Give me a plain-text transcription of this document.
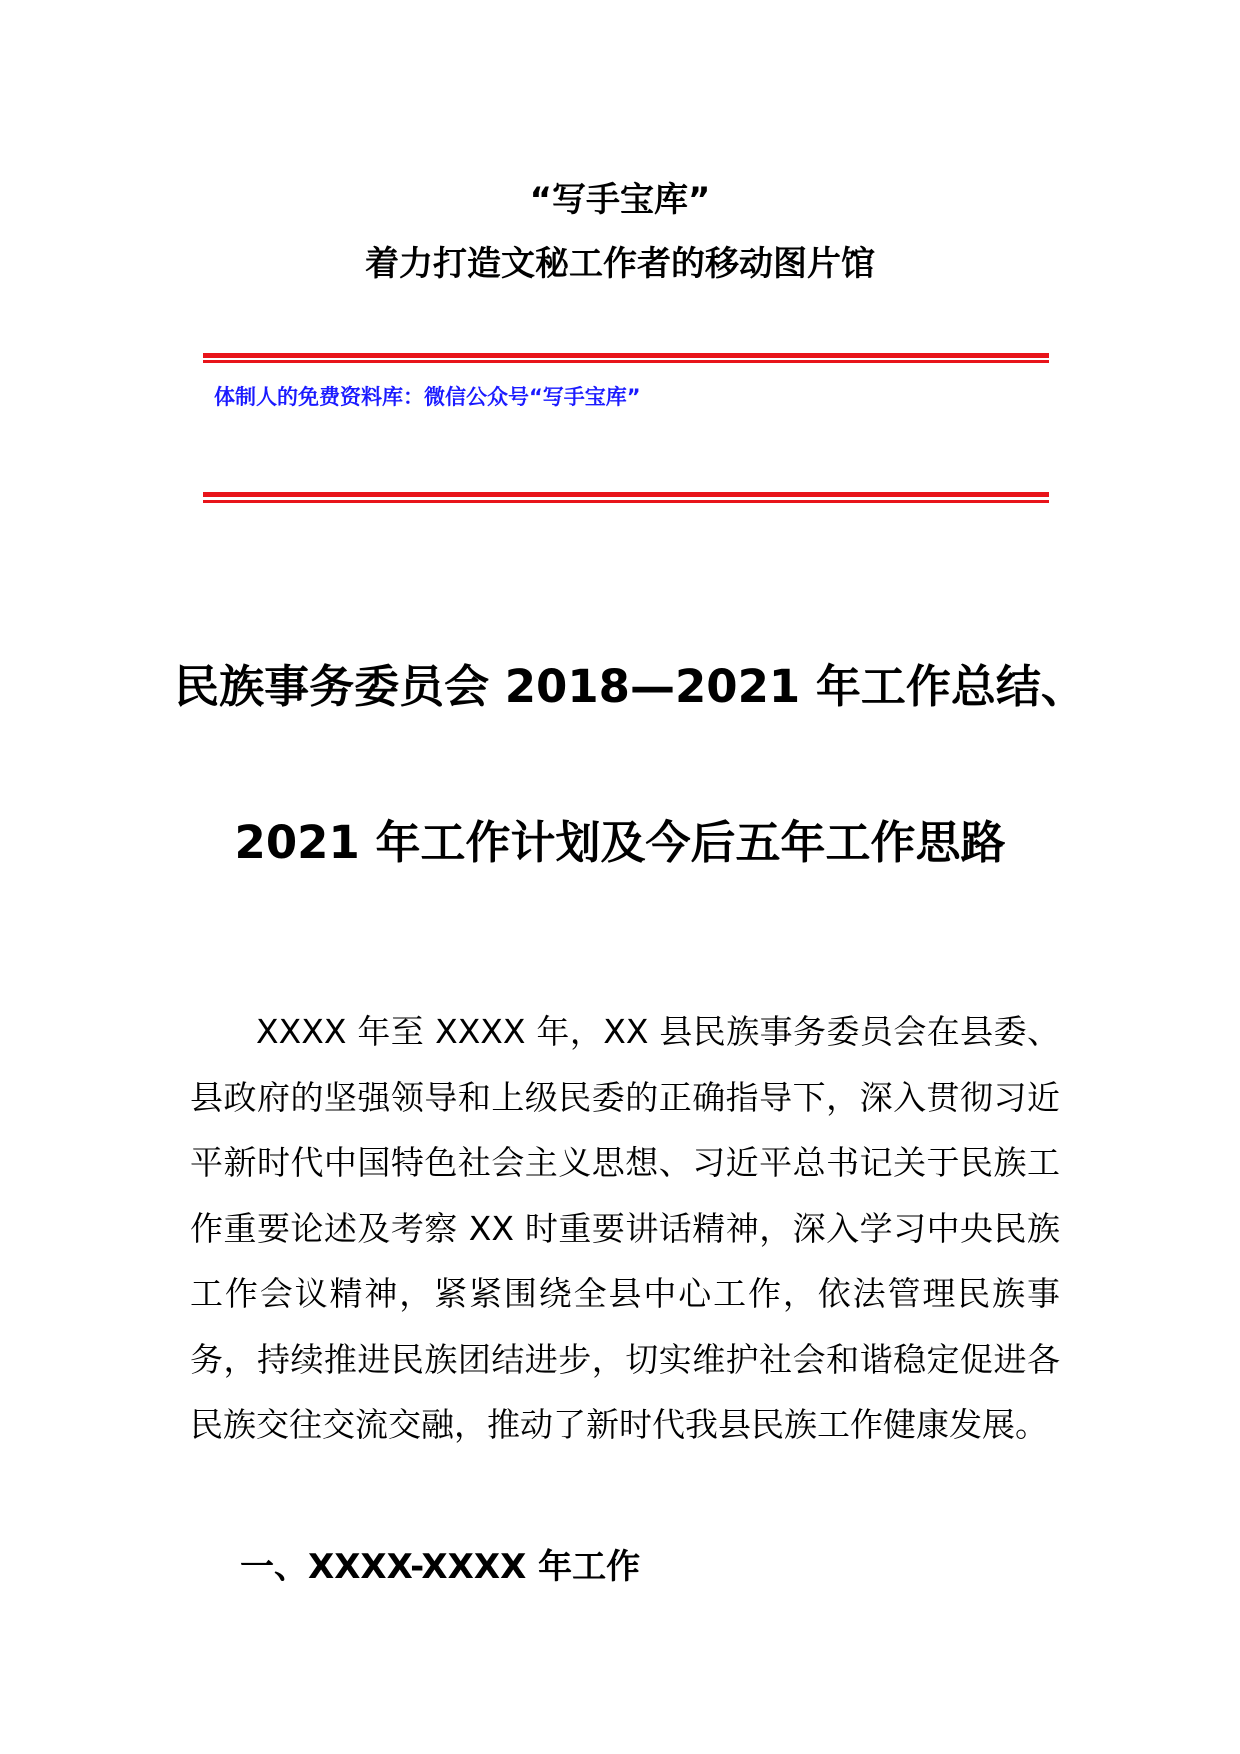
“写手宝库”
着力打造文秘工作者的移动图片馆
体制人的免费资料库：微信公众号“写手宝库”
民族事务委员会 2018—2021 年工作总结、
2021 年工作计划及今后五年工作思路

XXXX 年至 XXXX 年，XX 县民族事务委员会在县委、县政府的坚强领导和上级民委的正确指导下，深入贯彻习近平新时代中国特色社会主义思想、习近平总书记关于民族工作重要论述及考察 XX 时重要讲话精神，深入学习中央民族工作会议精神，紧紧围绕全县中心工作，依法管理民族事务，持续推进民族团结进步，切实维护社会和谐稳定促进各民族交往交流交融，推动了新时代我县民族工作健康发展。

一、XXXX-XXXX 年工作
